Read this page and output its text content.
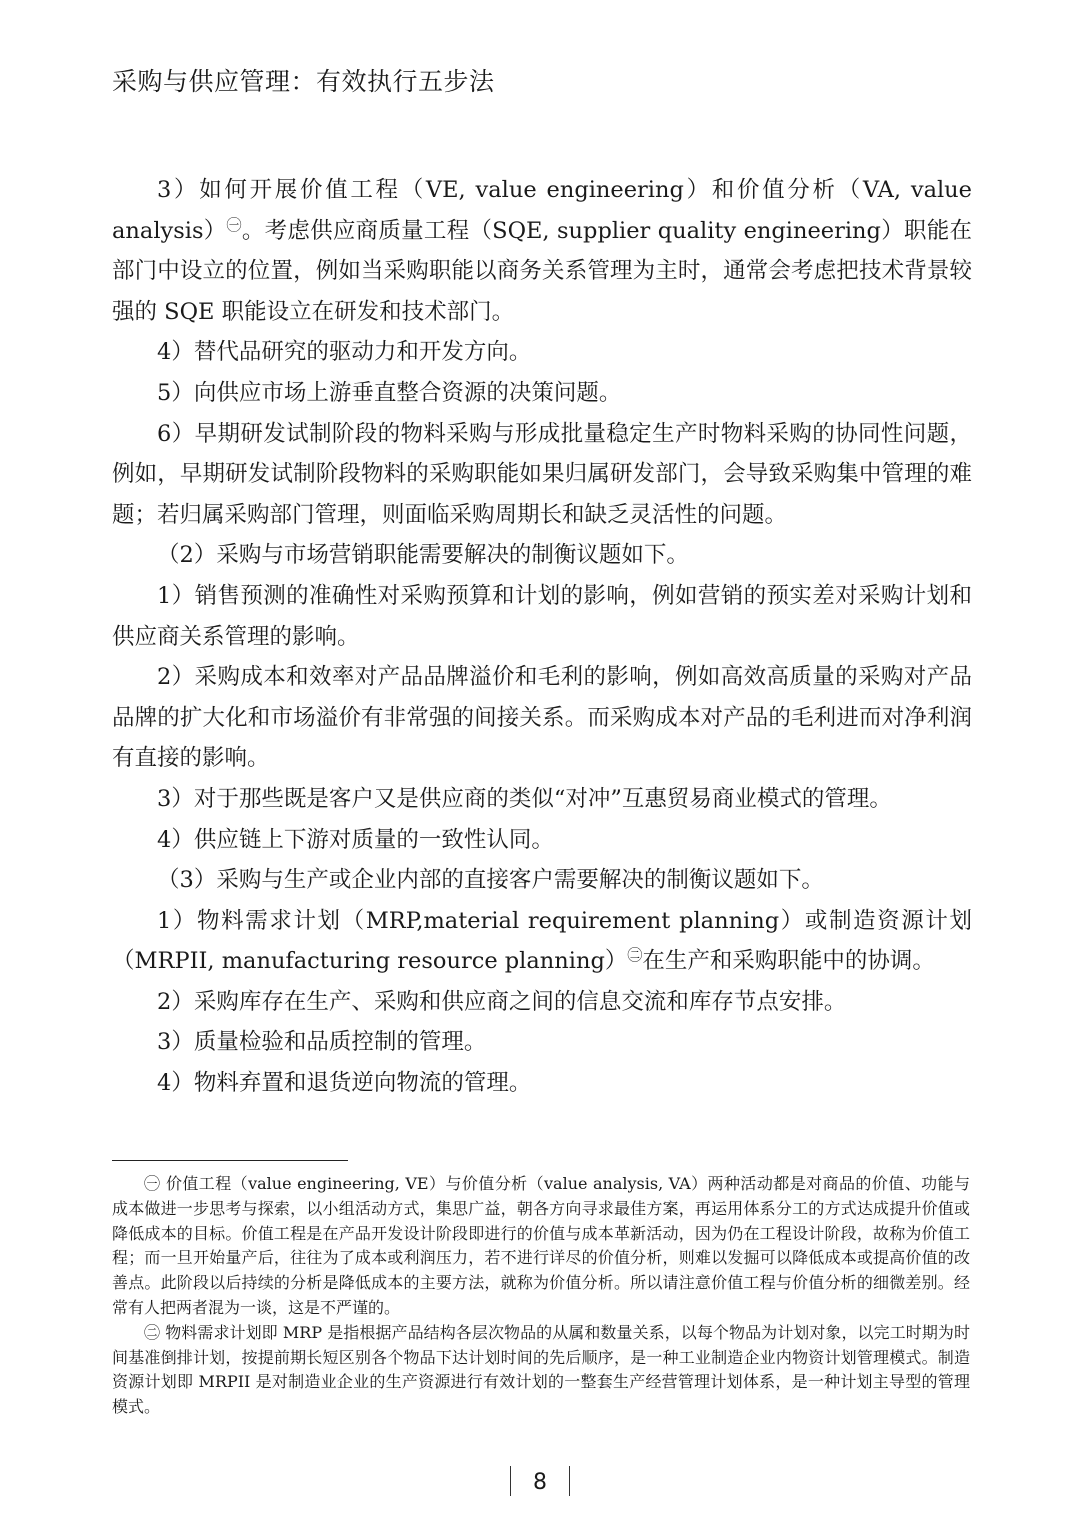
采购与供应管理：有效执行五步法

3）如何开展价值工程（VE, value engineering）和价值分析（VA, value analysis）$^㊀$。考虑供应商质量工程（SQE, supplier quality engineering）职能在部门中设立的位置，例如当采购职能以商务关系管理为主时，通常会考虑把技术背景较强的 SQE 职能设立在研发和技术部门。

4）替代品研究的驱动力和开发方向。

5）向供应市场上游垂直整合资源的决策问题。

6）早期研发试制阶段的物料采购与形成批量稳定生产时物料采购的协同性问题，例如，早期研发试制阶段物料的采购职能如果归属研发部门，会导致采购集中管理的难题；若归属采购部门管理，则面临采购周期长和缺乏灵活性的问题。

（2）采购与市场营销职能需要解决的制衡议题如下。

1）销售预测的准确性对采购预算和计划的影响，例如营销的预实差对采购计划和供应商关系管理的影响。

2）采购成本和效率对产品品牌溢价和毛利的影响，例如高效高质量的采购对产品品牌的扩大化和市场溢价有非常强的间接关系。而采购成本对产品的毛利进而对净利润有直接的影响。

3）对于那些既是客户又是供应商的类似“对冲”互惠贸易商业模式的管理。

4）供应链上下游对质量的一致性认同。

（3）采购与生产或企业内部的直接客户需要解决的制衡议题如下。

1）物料需求计划（MRP,material requirement planning）或制造资源计划（MRPII, manufacturing resource planning）$^㊁$在生产和采购职能中的协调。

2）采购库存在生产、采购和供应商之间的信息交流和库存节点安排。

3）质量检验和品质控制的管理。

4）物料弃置和退货逆向物流的管理。

㊀ 价值工程（value engineering, VE）与价值分析（value analysis, VA）两种活动都是对商品的价值、功能与成本做进一步思考与探索，以小组活动方式，集思广益，朝各方向寻求最佳方案，再运用体系分工的方式达成提升价值或降低成本的目标。价值工程是在产品开发设计阶段即进行的价值与成本革新活动，因为仍在工程设计阶段，故称为价值工程；而一旦开始量产后，往往为了成本或利润压力，若不进行详尽的价值分析，则难以发掘可以降低成本或提高价值的改善点。此阶段以后持续的分析是降低成本的主要方法，就称为价值分析。所以请注意价值工程与价值分析的细微差别。经常有人把两者混为一谈，这是不严谨的。

㊁ 物料需求计划即 MRP 是指根据产品结构各层次物品的从属和数量关系，以每个物品为计划对象，以完工时期为时间基准倒排计划，按提前期长短区别各个物品下达计划时间的先后顺序，是一种工业制造企业内物资计划管理模式。制造资源计划即 MRPII 是对制造业企业的生产资源进行有效计划的一整套生产经营管理计划体系，是一种计划主导型的管理模式。

8
